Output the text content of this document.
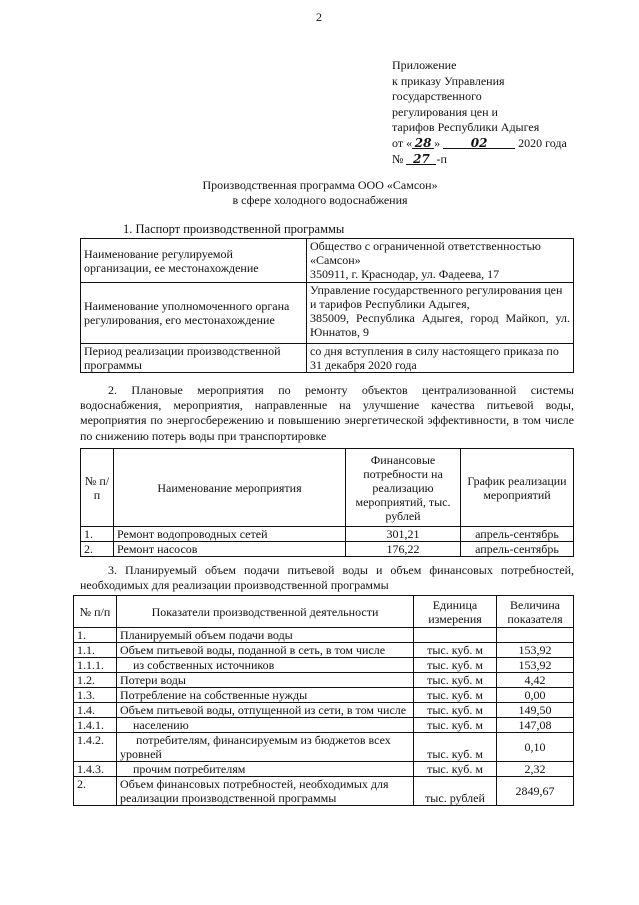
2
Приложение
к приказу Управления
государственного
регулирования цен и
тарифов Республики Адыгея
от « 28 »	02	2020 года
№ 27 -п
Производственная программа ООО «Самсон»
в сфере холодного водоснабжения
1. Паспорт производственной программы
Наименование регулируемой организации, ее местонахождение	Общество с ограниченной ответственностью «Самсон»
350911, г. Краснодар, ул. Фадеева, 17

Наименование уполномоченного органа регулирования, его местонахождение	Управление государственного регулирования цен и тарифов Республики Адыгея,
385009, Республика Адыгея, город Майкоп, ул. Юннатов, 9

Период реализации производственной программы	со дня вступления в силу настоящего приказа по 31 декабря 2020 года
2. Плановые мероприятия по ремонту объектов централизованной системы водоснабжения, мероприятия, направленные на улучшение качества питьевой воды, мероприятия по энергосбережению и повышению энергетической эффективности, в том числе по снижению потерь воды при транспортировке
№ п/п	Наименование мероприятия	Финансовые потребности на реализацию мероприятий, тыс. рублей	График реализации мероприятий
1.	Ремонт водопроводных сетей	301,21	апрель-сентябрь
2.	Ремонт насосов	176,22	апрель-сентябрь
3. Планируемый объем подачи питьевой воды и объем финансовых потребностей, необходимых для реализации производственной программы
№ п/п	Показатели производственной деятельности	Единица измерения	Величина показателя
1.	Планируемый объем подачи воды		
1.1.	Объем питьевой воды, поданной в сеть, в том числе	тыс. куб. м	153,92
1.1.1.	из собственных источников	тыс. куб. м	153,92
1.2.	Потери воды	тыс. куб. м	4,42
1.3.	Потребление на собственные нужды	тыс. куб. м	0,00
1.4.	Объем питьевой воды, отпущенной из сети, в том числе	тыс. куб. м	149,50
1.4.1.	населению	тыс. куб. м	147,08
1.4.2.	потребителям, финансируемым из бюджетов всех уровней	тыс. куб. м	0,10
1.4.3.	прочим потребителям	тыс. куб. м	2,32
2.	Объем финансовых потребностей, необходимых для реализации производственной программы	тыс. рублей	2849,67
